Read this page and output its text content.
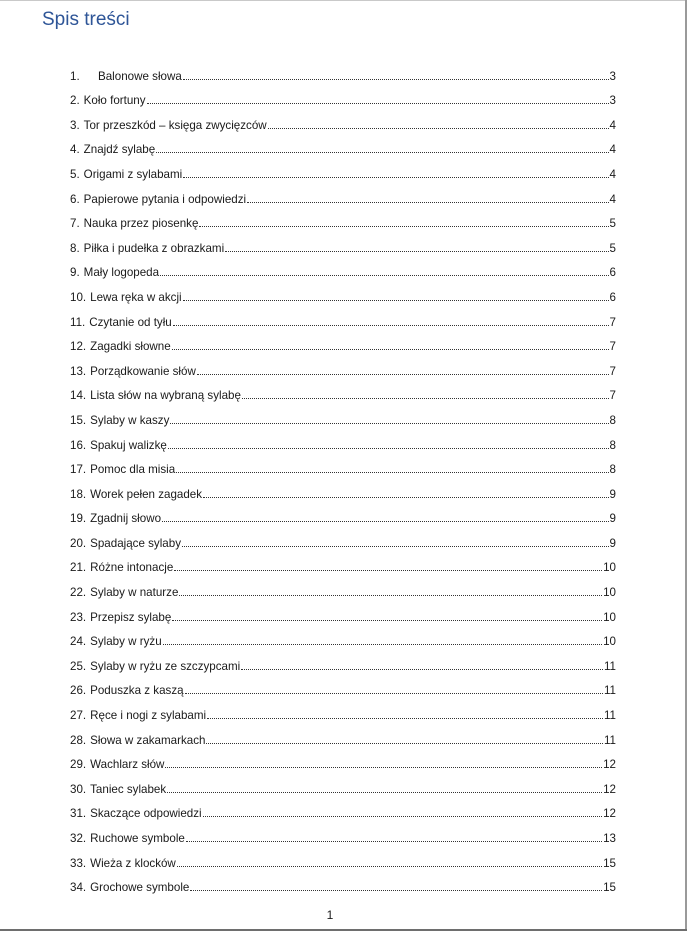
Spis treści
1.	Balonowe słowa	3
2. Koło fortuny	3
3. Tor przeszkód – księga zwycięzców	4
4. Znajdź sylabę	4
5. Origami z sylabami	4
6. Papierowe pytania i odpowiedzi	4
7. Nauka przez piosenkę	5
8. Piłka i pudełka z obrazkami	5
9. Mały logopeda	6
10. Lewa ręka w akcji	6
11. Czytanie od tyłu	7
12. Zagadki słowne	7
13. Porządkowanie słów	7
14. Lista słów na wybraną sylabę	7
15. Sylaby w kaszy	8
16. Spakuj walizkę	8
17. Pomoc dla misia	8
18. Worek pełen zagadek	9
19. Zgadnij słowo	9
20. Spadające sylaby	9
21. Różne intonacje	10
22. Sylaby w naturze	10
23. Przepisz sylabę	10
24. Sylaby w ryżu	10
25. Sylaby w ryżu ze szczypcami	11
26. Poduszka z kaszą	11
27. Ręce i nogi z sylabami	11
28. Słowa w zakamarkach	11
29. Wachlarz słów	12
30. Taniec sylabek	12
31. Skaczące odpowiedzi	12
32. Ruchowe symbole	13
33. Wieża z klocków	15
34. Grochowe symbole	15
1
